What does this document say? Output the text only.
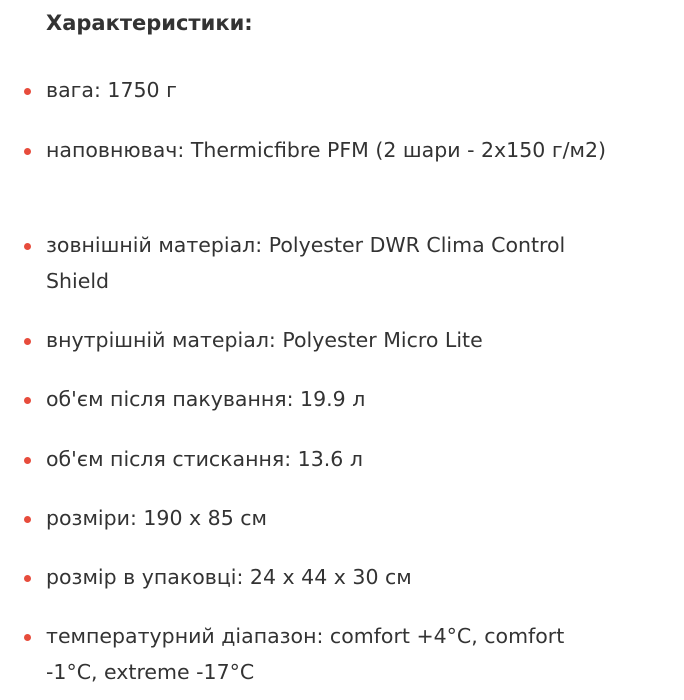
Характеристики:
вага: 1750 г
наповнювач: Thermicfibre PFM (2 шари - 2х150 г/м2)
зовнішній матеріал: Polyester DWR Clima Control Shield
внутрішній матеріал: Polyester Micro Lite
об'єм після пакування: 19.9 л
об'єм після стискання: 13.6 л
розміри: 190 х 85 см
розмір в упаковці: 24 х 44 х 30 см
температурний діапазон: comfort +4°C, comfort -1°C, extreme -17°C
